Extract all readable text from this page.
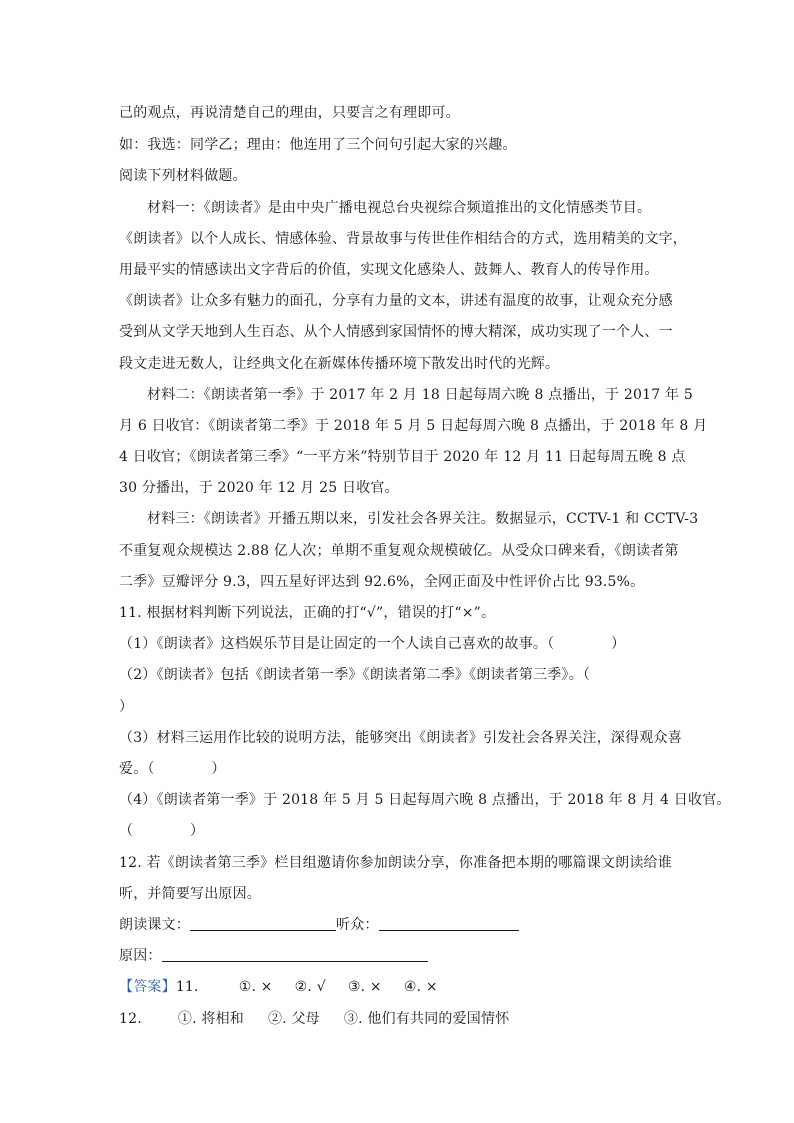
己的观点，再说清楚自己的理由，只要言之有理即可。
如：我选：同学乙；理由：他连用了三个问句引起大家的兴趣。
阅读下列材料做题。
材料一：《朗读者》是由中央广播电视总台央视综合频道推出的文化情感类节目。
《朗读者》以个人成长、情感体验、背景故事与传世佳作相结合的方式，选用精美的文字，
用最平实的情感读出文字背后的价值，实现文化感染人、鼓舞人、教育人的传导作用。
《朗读者》让众多有魅力的面孔，分享有力量的文本，讲述有温度的故事，让观众充分感
受到从文学天地到人生百态、从个人情感到家国情怀的博大精深，成功实现了一个人、一
段文走进无数人，让经典文化在新媒体传播环境下散发出时代的光辉。
材料二：《朗读者第一季》于 2017 年 2 月 18 日起每周六晚 8 点播出，于 2017 年 5
月 6 日收官：《朗读者第二季》于 2018 年 5 月 5 日起每周六晚 8 点播出，于 2018 年 8 月
4 日收官；《朗读者第三季》“一平方米”特别节目于 2020 年 12 月 11 日起每周五晚 8 点
30 分播出，于 2020 年 12 月 25 日收官。
材料三：《朗读者》开播五期以来，引发社会各界关注。数据显示，CCTV-1 和 CCTV-3
不重复观众规模达 2.88 亿人次；单期不重复观众规模破亿。从受众口碑来看，《朗读者第
二季》豆瓣评分 9.3，四五星好评达到 92.6%，全网正面及中性评价占比 93.5%。
11. 根据材料判断下列说法，正确的打“√”，错误的打“×”。
（1）《朗读者》这档娱乐节目是让固定的一个人读自己喜欢的故事。（　　　　）
（2）《朗读者》包括《朗读者第一季》《朗读者第二季》《朗读者第三季》。（
）
（3）材料三运用作比较的说明方法，能够突出《朗读者》引发社会各界关注，深得观众喜
爱。（　　　　）
（4）《朗读者第一季》于 2018 年 5 月 5 日起每周六晚 8 点播出，于 2018 年 8 月 4 日收官。
（　　　　）
12. 若《朗读者第三季》栏目组邀请你参加朗读分享，你准备把本期的哪篇课文朗读给谁
听，并简要写出原因。
朗读课文：	听众：
原因：
【答案】11.	①. × ②. √ ③. × ④. ×
12.	①. 将相和 ②. 父母 ③. 他们有共同的爱国情怀
